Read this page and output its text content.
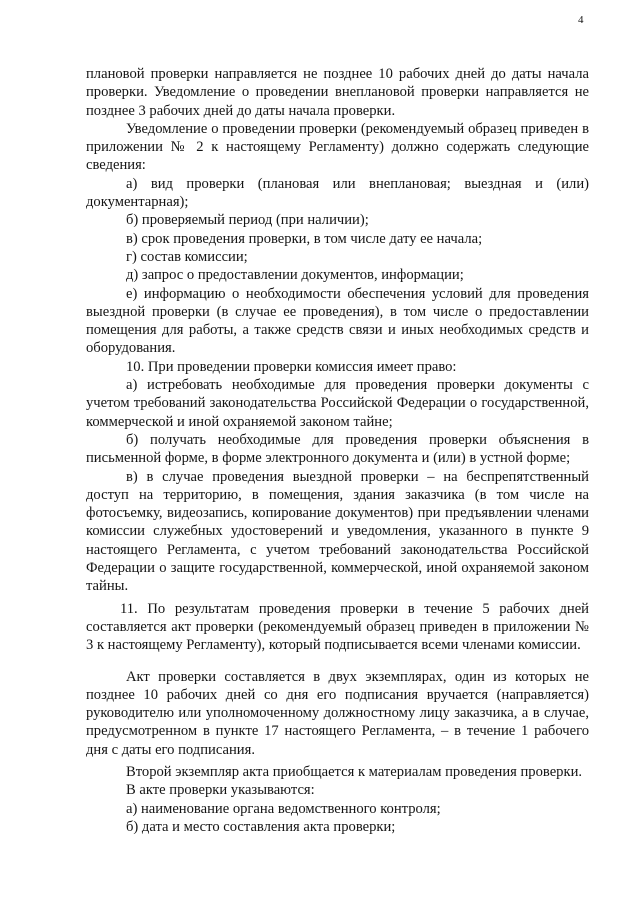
4

плановой проверки направляется не позднее 10 рабочих дней до даты начала проверки. Уведомление о проведении внеплановой проверки направляется не позднее 3 рабочих дней до даты начала проверки.

Уведомление о проведении проверки (рекомендуемый образец приведен в приложении № 2 к настоящему Регламенту) должно содержать следующие сведения:

а) вид проверки (плановая или внеплановая; выездная и (или) документарная);

б) проверяемый период (при наличии);

в) срок проведения проверки, в том числе дату ее начала;

г) состав комиссии;

д) запрос о предоставлении документов, информации;

е) информацию о необходимости обеспечения условий для проведения выездной проверки (в случае ее проведения), в том числе о предоставлении помещения для работы, а также средств связи и иных необходимых средств и оборудования.

10. При проведении проверки комиссия имеет право:

а) истребовать необходимые для проведения проверки документы с учетом требований законодательства Российской Федерации о государственной, коммерческой и иной охраняемой законом тайне;

б) получать необходимые для проведения проверки объяснения в письменной форме, в форме электронного документа и (или) в устной форме;

в) в случае проведения выездной проверки – на беспрепятственный доступ на территорию, в помещения, здания заказчика (в том числе на фотосъемку, видеозапись, копирование документов) при предъявлении членами комиссии служебных удостоверений и уведомления, указанного в пункте 9 настоящего Регламента, с учетом требований законодательства Российской Федерации о защите государственной, коммерческой, иной охраняемой законом тайны.

11. По результатам проведения проверки в течение 5 рабочих дней составляется акт проверки (рекомендуемый образец приведен в приложении № 3 к настоящему Регламенту), который подписывается всеми членами комиссии.

Акт проверки составляется в двух экземплярах, один из которых не позднее 10 рабочих дней со дня его подписания вручается (направляется) руководителю или уполномоченному должностному лицу заказчика, а в случае, предусмотренном в пункте 17 настоящего Регламента, – в течение 1 рабочего дня с даты его подписания.

Второй экземпляр акта приобщается к материалам проведения проверки.

В акте проверки указываются:

а) наименование органа ведомственного контроля;

б) дата и место составления акта проверки;
